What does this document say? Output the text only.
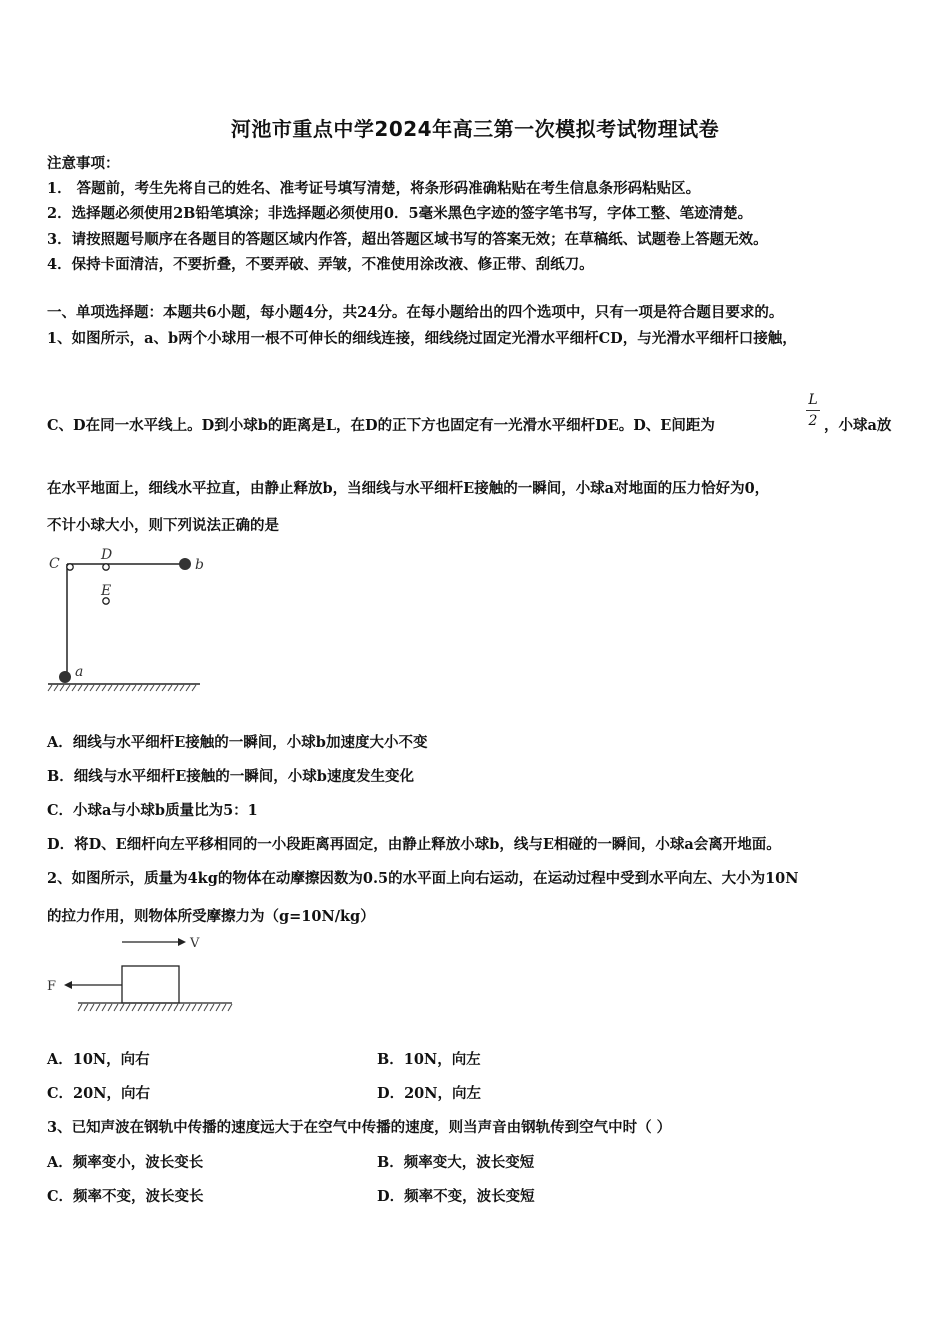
河池市重点中学2024年高三第一次模拟考试物理试卷
注意事项：
1． 答题前，考生先将自己的姓名、准考证号填写清楚，将条形码准确粘贴在考生信息条形码粘贴区。
2．选择题必须使用2B铅笔填涂；非选择题必须使用0．5毫米黑色字迹的签字笔书写，字体工整、笔迹清楚。
3．请按照题号顺序在各题目的答题区域内作答，超出答题区域书写的答案无效；在草稿纸、试题卷上答题无效。
4．保持卡面清洁，不要折叠，不要弄破、弄皱，不准使用涂改液、修正带、刮纸刀。
一、单项选择题：本题共6小题，每小题4分，共24分。在每小题给出的四个选项中，只有一项是符合题目要求的。
1、如图所示，a、b两个小球用一根不可伸长的细线连接，细线绕过固定光滑水平细杆CD，与光滑水平细杆口接触，
C、D在同一水平线上。D到小球b的距离是L，在D的正下方也固定有一光滑水平细杆DE。D、E间距为
L
2 ，小球a放
在水平地面上，细线水平拉直，由静止释放b，当细线与水平细杆E接触的一瞬间，小球a对地面的压力恰好为0，
不计小球大小，则下列说法正确的是
C
D
E
b
a
A．细线与水平细杆E接触的一瞬间，小球b加速度大小不变
B．细线与水平细杆E接触的一瞬间，小球b速度发生变化
C．小球a与小球b质量比为5：1
D．将D、E细杆向左平移相同的一小段距离再固定，由静止释放小球b，线与E相碰的一瞬间，小球a会离开地面。
2、如图所示，质量为4kg的物体在动摩擦因数为0.5的水平面上向右运动，在运动过程中受到水平向左、大小为10N
的拉力作用，则物体所受摩擦力为（g=10N/kg）
V
F
A．10N，向右	B．10N，向左
C．20N，向右	D．20N，向左
3、已知声波在钢轨中传播的速度远大于在空气中传播的速度，则当声音由钢轨传到空气中时（ ）
A．频率变小，波长变长	B．频率变大，波长变短
C．频率不变，波长变长	D．频率不变，波长变短
